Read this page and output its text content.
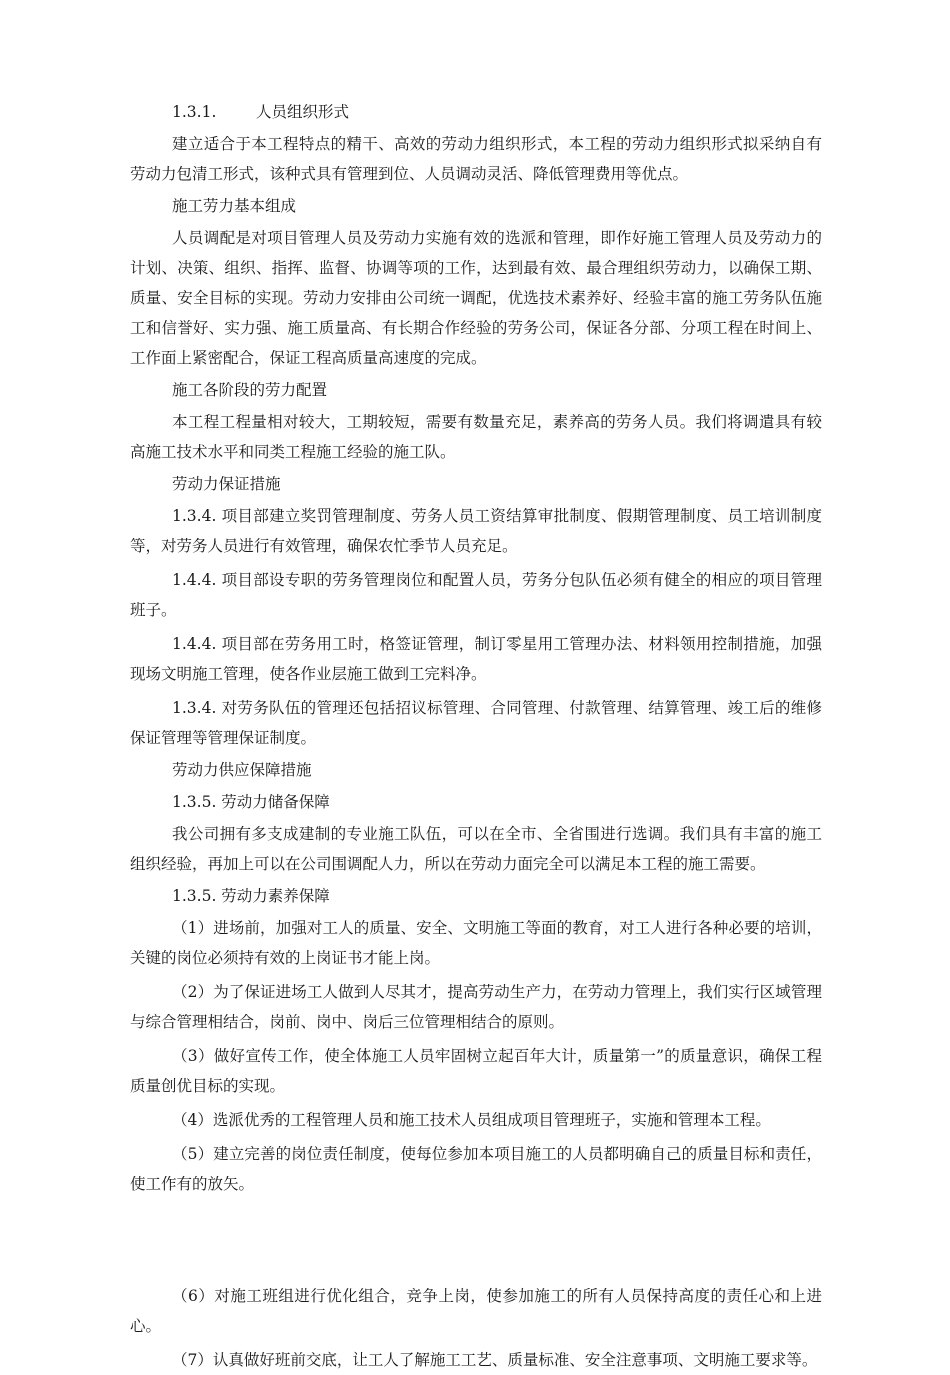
1.3.1.	人员组织形式

建立适合于本工程特点的精干、高效的劳动力组织形式，本工程的劳动力组织形式拟采纳自有劳动力包清工形式，该种式具有管理到位、人员调动灵活、降低管理费用等优点。

施工劳力基本组成

人员调配是对项目管理人员及劳动力实施有效的选派和管理，即作好施工管理人员及劳动力的计划、决策、组织、指挥、监督、协调等项的工作，达到最有效、最合理组织劳动力，以确保工期、质量、安全目标的实现。劳动力安排由公司统一调配，优选技术素养好、经验丰富的施工劳务队伍施工和信誉好、实力强、施工质量高、有长期合作经验的劳务公司，保证各分部、分项工程在时间上、工作面上紧密配合，保证工程高质量高速度的完成。

施工各阶段的劳力配置

本工程工程量相对较大，工期较短，需要有数量充足，素养高的劳务人员。我们将调遣具有较高施工技术水平和同类工程施工经验的施工队。

劳动力保证措施

1.3.4. 项目部建立奖罚管理制度、劳务人员工资结算审批制度、假期管理制度、员工培训制度等，对劳务人员进行有效管理，确保农忙季节人员充足。

1.4.4. 项目部设专职的劳务管理岗位和配置人员，劳务分包队伍必须有健全的相应的项目管理班子。

1.4.4. 项目部在劳务用工时，格签证管理，制订零星用工管理办法、材料领用控制措施，加强现场文明施工管理，使各作业层施工做到工完料净。

1.3.4. 对劳务队伍的管理还包括招议标管理、合同管理、付款管理、结算管理、竣工后的维修保证管理等管理保证制度。

劳动力供应保障措施

1.3.5. 劳动力储备保障

我公司拥有多支成建制的专业施工队伍，可以在全市、全省围进行选调。我们具有丰富的施工组织经验，再加上可以在公司围调配人力，所以在劳动力面完全可以满足本工程的施工需要。

1.3.5. 劳动力素养保障

（1）进场前，加强对工人的质量、安全、文明施工等面的教育，对工人进行各种必要的培训，关键的岗位必须持有效的上岗证书才能上岗。

（2）为了保证进场工人做到人尽其才，提高劳动生产力，在劳动力管理上，我们实行区域管理与综合管理相结合，岗前、岗中、岗后三位管理相结合的原则。

（3）做好宣传工作，使全体施工人员牢固树立起百年大计，质量第一”的质量意识，确保工程质量创优目标的实现。

（4）选派优秀的工程管理人员和施工技术人员组成项目管理班子，实施和管理本工程。

（5）建立完善的岗位责任制度，使每位参加本项目施工的人员都明确自己的质量目标和责任，使工作有的放矢。

（6）对施工班组进行优化组合，竞争上岗，使参加施工的所有人员保持高度的责任心和上进心。

（7）认真做好班前交底，让工人了解施工工艺、质量标准、安全注意事项、文明施工要求等。
